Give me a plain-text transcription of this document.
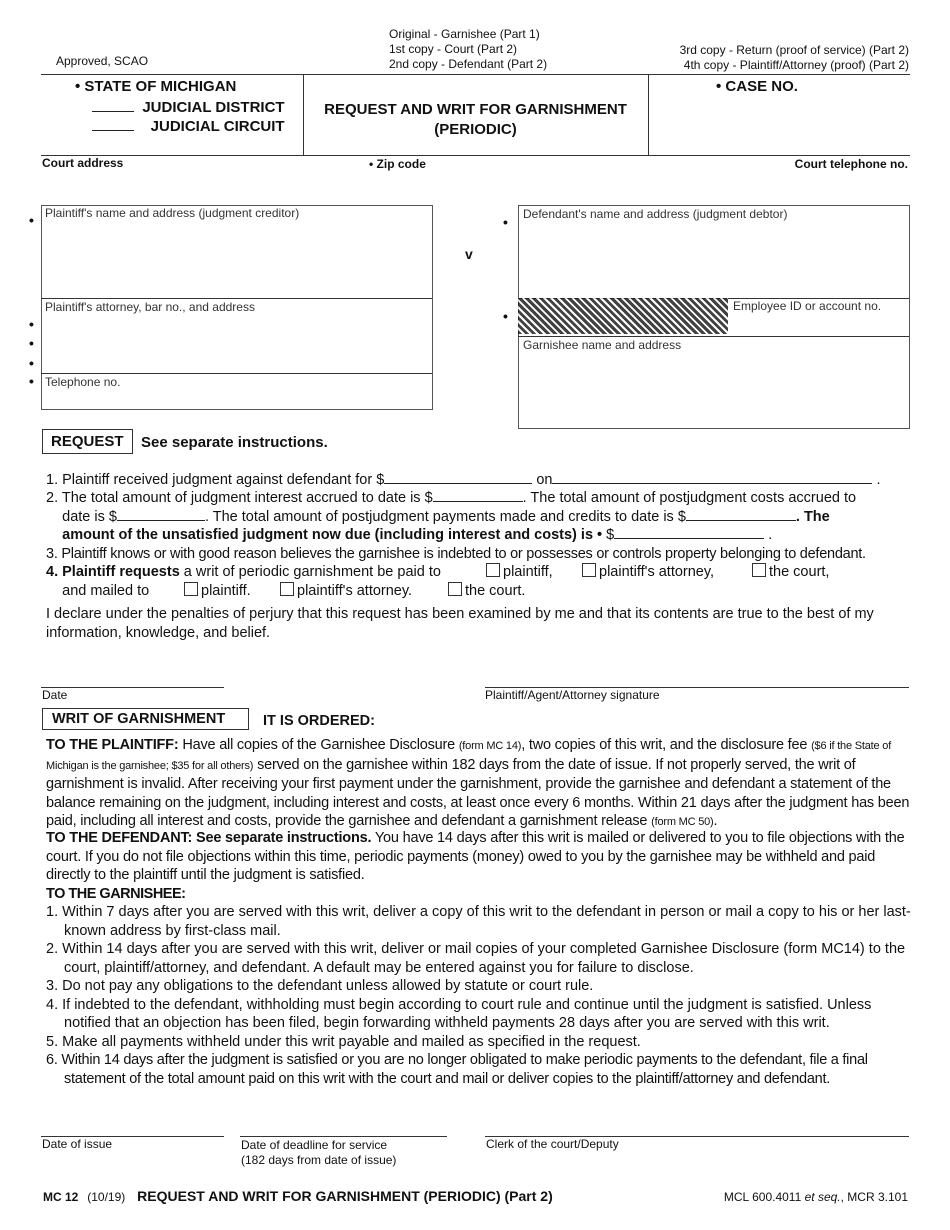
Approved, SCAO
Original - Garnishee (Part 1)
1st copy - Court (Part 2)
2nd copy - Defendant (Part 2)
3rd copy - Return (proof of service) (Part 2)
4th copy - Plaintiff/Attorney (proof) (Part 2)
• STATE OF MICHIGAN
JUDICIAL DISTRICT
JUDICIAL CIRCUIT
REQUEST AND WRIT FOR GARNISHMENT
(PERIODIC)
• CASE NO.
Court address	• Zip code	Court telephone no.
Plaintiff's name and address (judgment creditor)
Plaintiff's attorney, bar no., and address
Telephone no.
•
•
•
•
•
v
•
•
Defendant's name and address (judgment debtor)
Employee ID or account no.
Garnishee name and address
REQUEST	See separate instructions.
1. Plaintiff received judgment against defendant for $	on	.
2. The total amount of judgment interest accrued to date is $	. The total amount of postjudgment costs accrued to
date is $	. The total amount of postjudgment payments made and credits to date is $	. The
amount of the unsatisfied judgment now due (including interest and costs) is • $	.
3. Plaintiff knows or with good reason believes the garnishee is indebted to or possesses or controls property belonging to defendant.
4. Plaintiff requests a writ of periodic garnishment be paid to	plaintiff,	plaintiff's attorney,	the court,

and mailed to	plaintiff.	plaintiff's attorney.	the court.
I declare under the penalties of perjury that this request has been examined by me and that its contents are true to the best of my information, knowledge, and belief.
Date	Plaintiff/Agent/Attorney signature
WRIT OF GARNISHMENT	IT IS ORDERED:
TO THE PLAINTIFF: Have all copies of the Garnishee Disclosure (form MC 14), two copies of this writ, and the disclosure fee ($6 if the State of Michigan is the garnishee; $35 for all others) served on the garnishee within 182 days from the date of issue. If not properly served, the writ of garnishment is invalid. After receiving your first payment under the garnishment, provide the garnishee and defendant a statement of the balance remaining on the judgment, including interest and costs, at least once every 6 months. Within 21 days after the judgment has been paid, including all interest and costs, provide the garnishee and defendant a garnishment release (form MC 50).
TO THE DEFENDANT: See separate instructions. You have 14 days after this writ is mailed or delivered to you to file objections with the court. If you do not file objections within this time, periodic payments (money) owed to you by the garnishee may be withheld and paid directly to the plaintiff until the judgment is satisfied.
TO THE GARNISHEE:
1. Within 7 days after you are served with this writ, deliver a copy of this writ to the defendant in person or mail a copy to his or her last-known address by first-class mail.
2. Within 14 days after you are served with this writ, deliver or mail copies of your completed Garnishee Disclosure (form MC14) to the court, plaintiff/attorney, and defendant. A default may be entered against you for failure to disclose.
3. Do not pay any obligations to the defendant unless allowed by statute or court rule.
4. If indebted to the defendant, withholding must begin according to court rule and continue until the judgment is satisfied. Unless notified that an objection has been filed, begin forwarding withheld payments 28 days after you are served with this writ.
5. Make all payments withheld under this writ payable and mailed as specified in the request.
6. Within 14 days after the judgment is satisfied or you are no longer obligated to make periodic payments to the defendant, file a final statement of the total amount paid on this writ with the court and mail or deliver copies to the plaintiff/attorney and defendant.
Date of issue	Date of deadline for service
(182 days from date of issue)
Clerk of the court/Deputy
MC 12 (10/19) REQUEST AND WRIT FOR GARNISHMENT (PERIODIC) (Part 2)	MCL 600.4011 et seq., MCR 3.101
